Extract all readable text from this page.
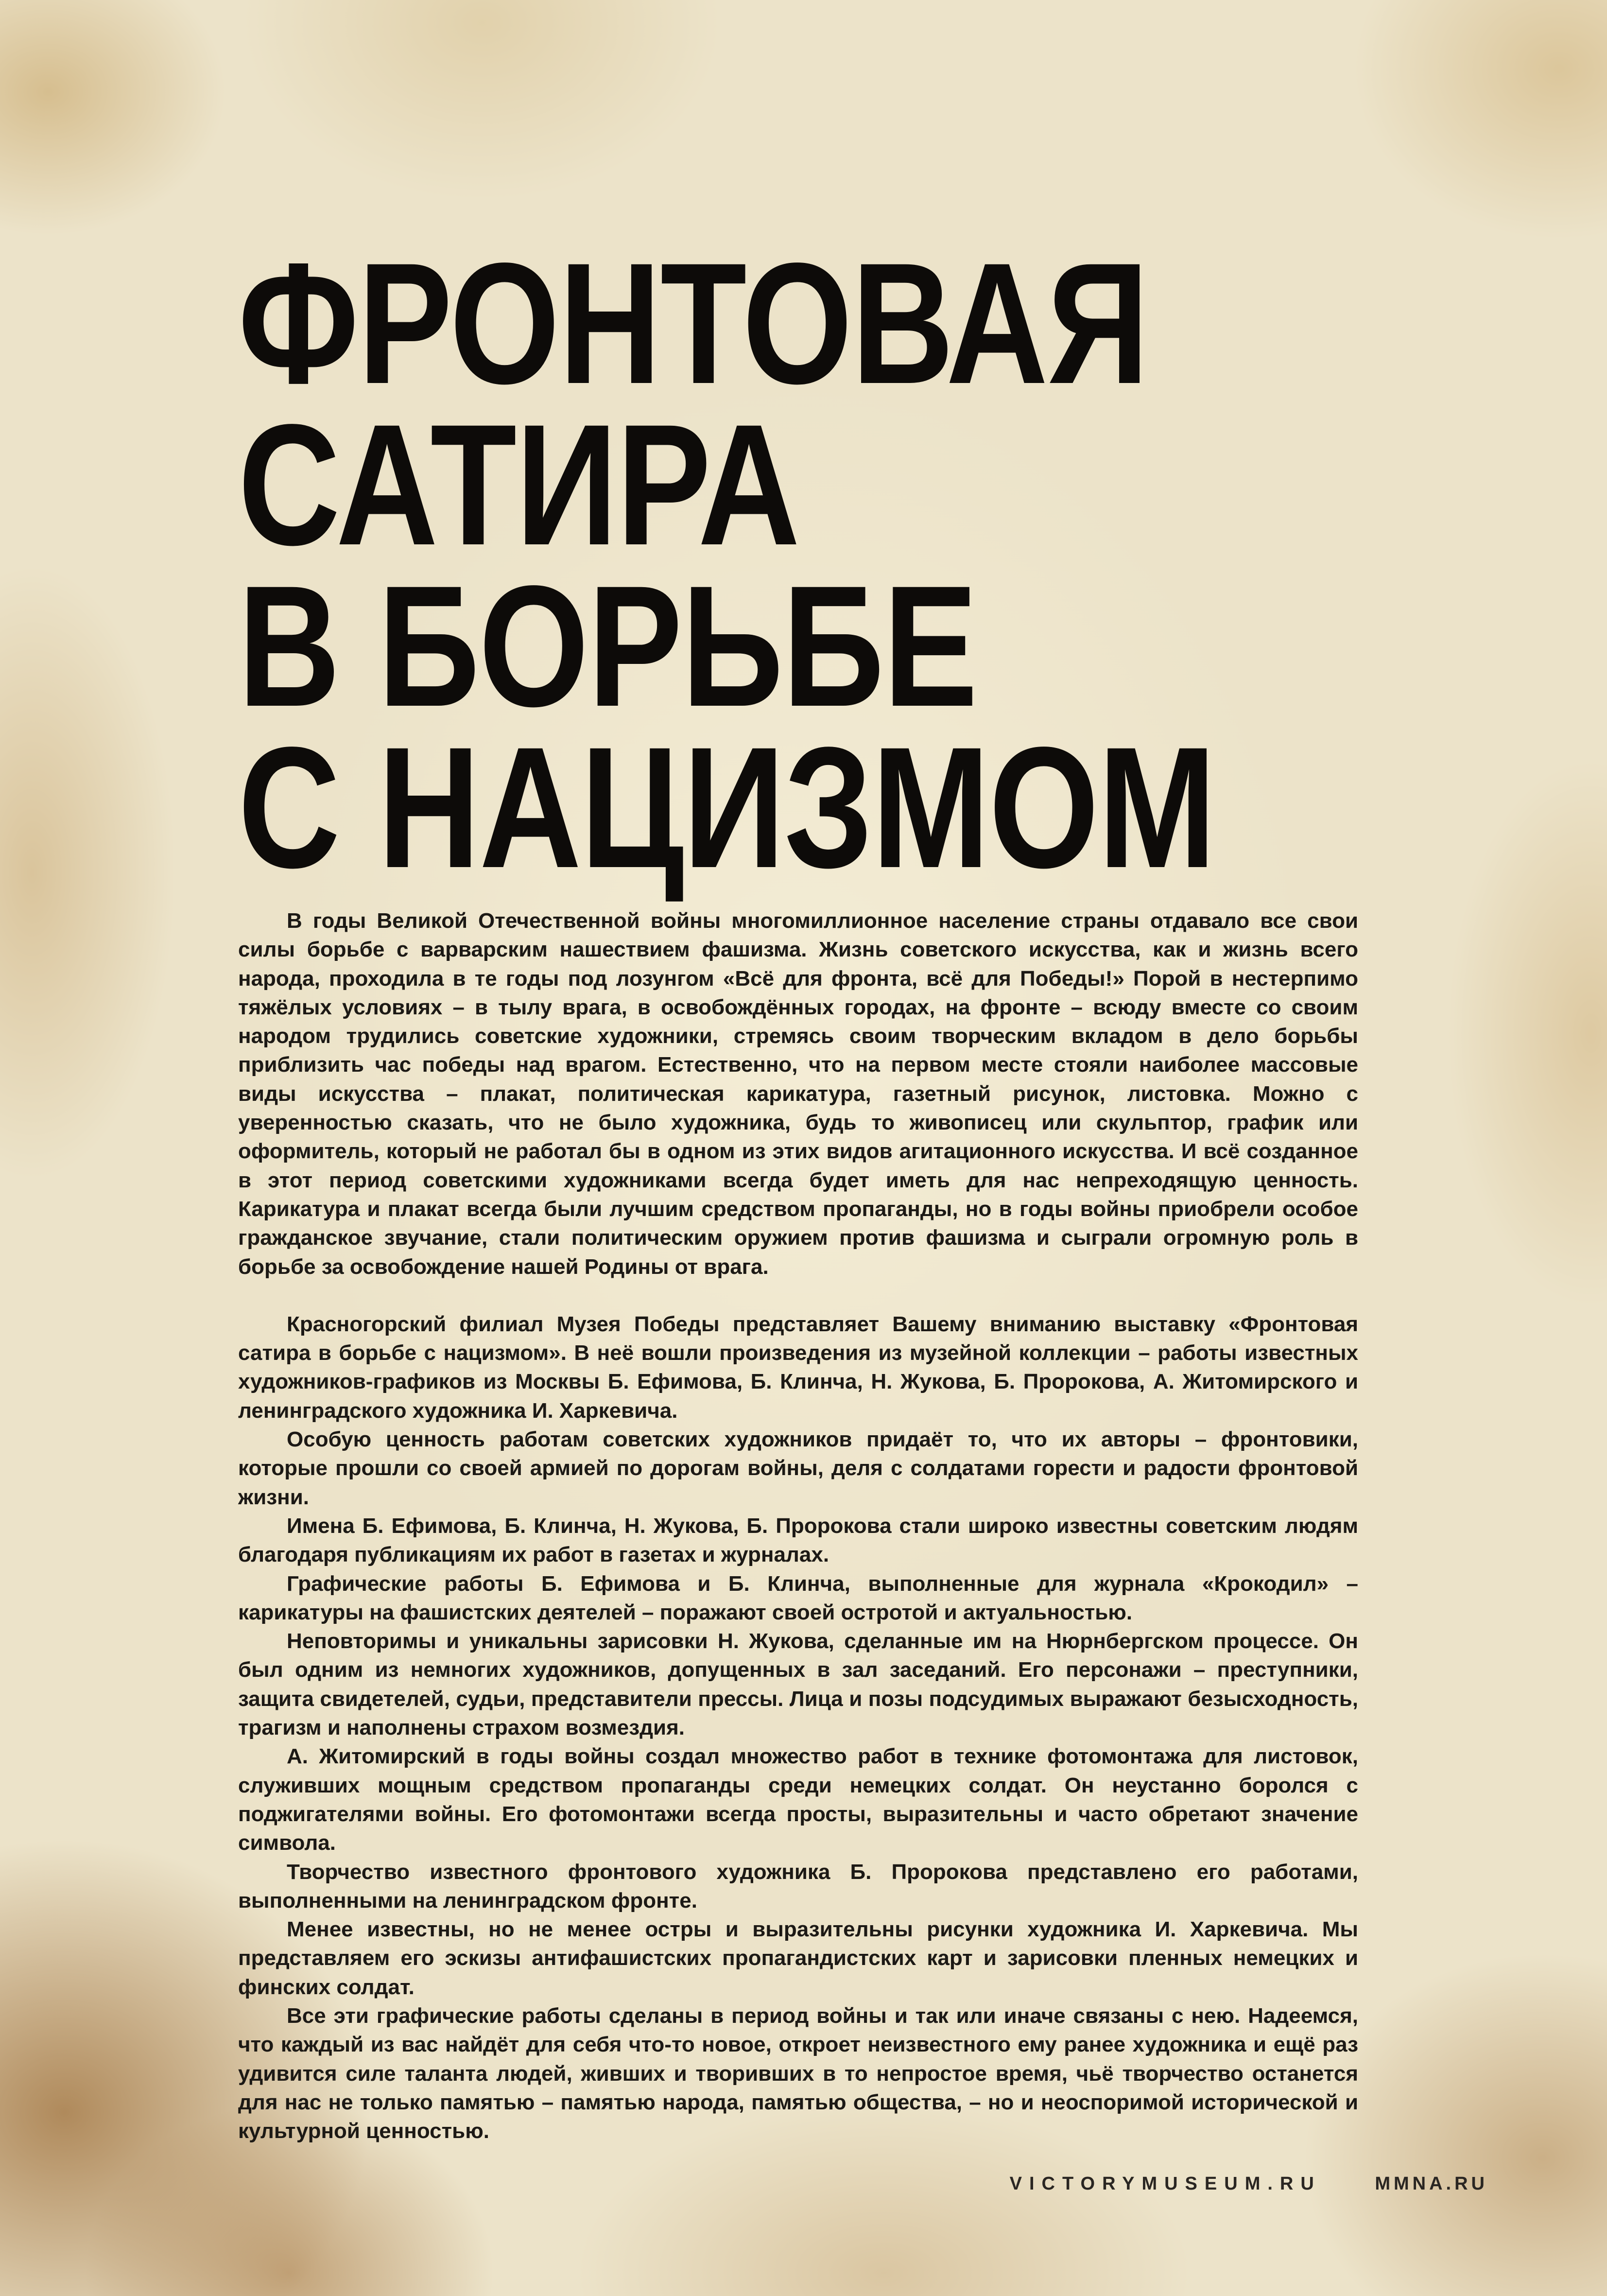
ФРОНТОВАЯ
САТИРА
В БОРЬБЕ
С НАЦИЗМОМ

В годы Великой Отечественной войны многомиллионное население страны отдавало все свои силы борьбе с варварским нашествием фашизма. Жизнь советского искусства, как и жизнь всего народа, проходила в те годы под лозунгом «Всё для фронта, всё для Победы!» Порой в нестерпимо тяжёлых условиях – в тылу врага, в освобождённых городах, на фронте – всюду вместе со своим народом трудились советские художники, стремясь своим творческим вкладом в дело борьбы приблизить час победы над врагом. Естественно, что на первом месте стояли наиболее массовые виды искусства – плакат, политическая карикатура, газетный рисунок, листовка. Можно с уверенностью сказать, что не было художника, будь то живописец или скульптор, график или оформитель, который не работал бы в одном из этих видов агитационного искусства. И всё созданное в этот период советскими художниками всегда будет иметь для нас непреходящую ценность. Карикатура и плакат всегда были лучшим средством пропаганды, но в годы войны приобрели особое гражданское звучание, стали политическим оружием против фашизма и сыграли огромную роль в борьбе за освобождение нашей Родины от врага.

Красногорский филиал Музея Победы представляет Вашему вниманию выставку «Фронтовая сатира в борьбе с нацизмом». В неё вошли произведения из музейной коллекции – работы известных художников-графиков из Москвы Б. Ефимова, Б. Клинча, Н. Жукова, Б. Пророкова, А. Житомирского и ленинградского художника И. Харкевича.

Особую ценность работам советских художников придаёт то, что их авторы – фронтовики, которые прошли со своей армией по дорогам войны, деля с солдатами горести и радости фронтовой жизни.

Имена Б. Ефимова, Б. Клинча, Н. Жукова, Б. Пророкова стали широко известны советским людям благодаря публикациям их работ в газетах и журналах.

Графические работы Б. Ефимова и Б. Клинча, выполненные для журнала «Крокодил» – карикатуры на фашистских деятелей – поражают своей остротой и актуальностью.

Неповторимы и уникальны зарисовки Н. Жукова, сделанные им на Нюрнбергском процессе. Он был одним из немногих художников, допущенных в зал заседаний. Его персонажи – преступники, защита свидетелей, судьи, представители прессы. Лица и позы подсудимых выражают безысходность, трагизм и наполнены страхом возмездия.

А. Житомирский в годы войны создал множество работ в технике фотомонтажа для листовок, служивших мощным средством пропаганды среди немецких солдат. Он неустанно боролся с поджигателями войны. Его фотомонтажи всегда просты, выразительны и часто обретают значение символа.

Творчество известного фронтового художника Б. Пророкова представлено его работами, выполненными на ленинградском фронте.

Менее известны, но не менее остры и выразительны рисунки художника И. Харкевича. Мы представляем его эскизы антифашистских пропагандистских карт и зарисовки пленных немецких и финских солдат.

Все эти графические работы сделаны в период войны и так или иначе связаны с нею. Надеемся, что каждый из вас найдёт для себя что-то новое, откроет неизвестного ему ранее художника и ещё раз удивится силе таланта людей, живших и творивших в то непростое время, чьё творчество останется для нас не только памятью – памятью народа, памятью общества, – но и неоспоримой исторической и культурной ценностью.

VICTORYMUSEUM.RU	MMNA.RU
